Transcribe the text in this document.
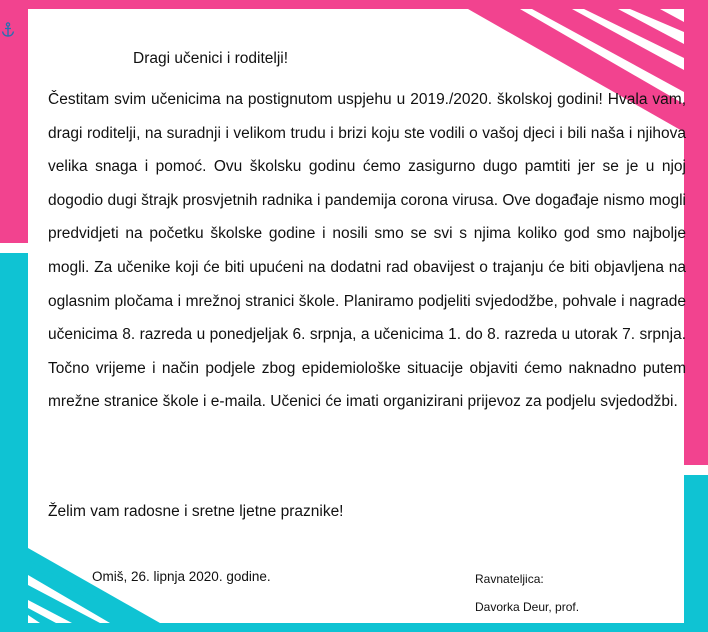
Dragi učenici i roditelji!

Čestitam svim učenicima na postignutom uspjehu u 2019./2020. školskoj godini! Hvala vam, dragi roditelji, na suradnji i velikom trudu i brizi koju ste vodili o vašoj djeci i bili naša i njihova velika snaga i pomoć. Ovu školsku godinu ćemo zasigurno dugo pamtiti jer se je u njoj dogodio dugi štrajk prosvjetnih radnika i pandemija corona virusa. Ove događaje nismo mogli predvidjeti na početku školske godine i nosili smo se svi s njima koliko god smo najbolje mogli. Za učenike koji će biti upućeni na dodatni rad obavijest o trajanju će biti objavljena na oglasnim pločama i mrežnoj stranici škole. Planiramo podjeliti svjedodžbe, pohvale i nagrade učenicima 8. razreda u ponedjeljak 6. srpnja, a učenicima 1. do 8. razreda u utorak 7. srpnja. Točno vrijeme i način podjele zbog epidemiološke situacije objaviti ćemo naknadno putem mrežne stranice škole i e-maila. Učenici će imati organizirani prijevoz za podjelu svjedodžbi.

Želim vam radosne i sretne ljetne praznike!
Omiš, 26. lipnja 2020. godine.	Ravnateljica:
Davorka Deur, prof.
